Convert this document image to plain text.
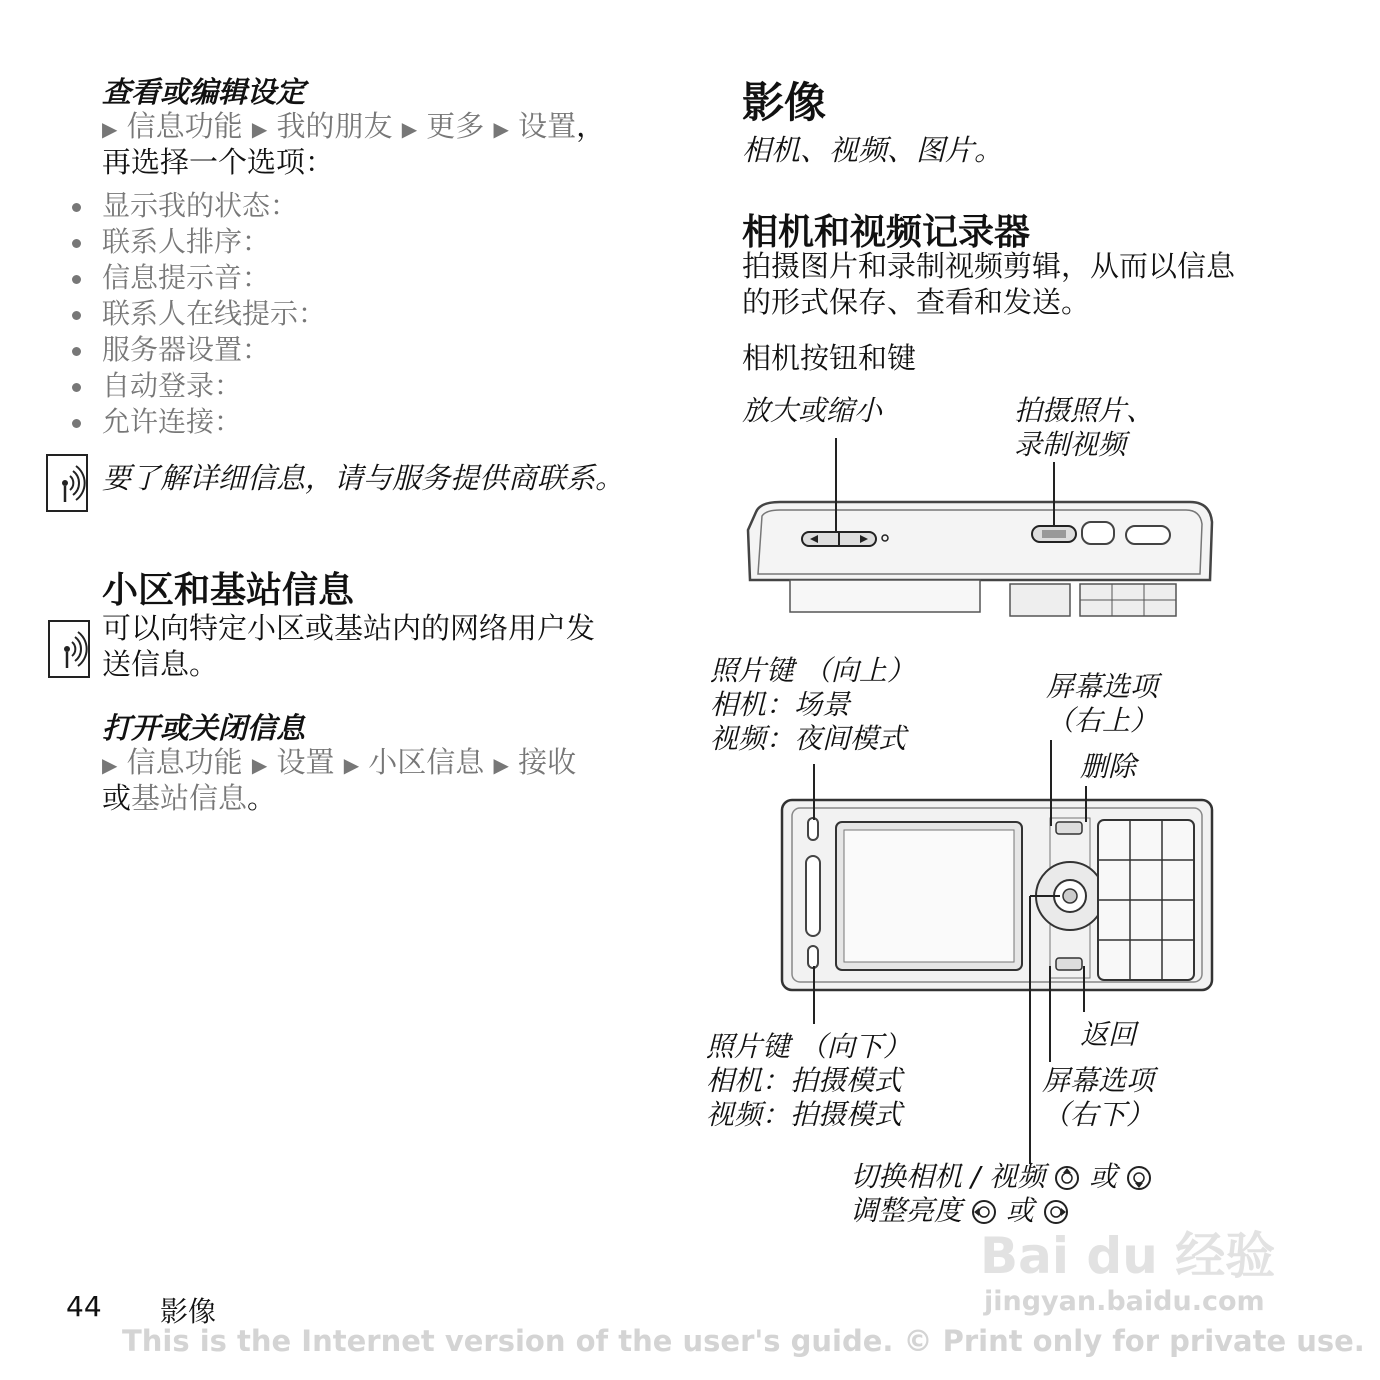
查看或编辑设定
▶ 信息功能 ▶ 我的朋友 ▶ 更多 ▶ 设置，
再选择一个选项：
显示我的状态：
联系人排序：
信息提示音：
联系人在线提示：
服务器设置：
自动登录：
允许连接：
要了解详细信息，请与服务提供商联系。
小区和基站信息
可以向特定小区或基站内的网络用户发
送信息。
打开或关闭信息
▶ 信息功能 ▶ 设置 ▶ 小区信息 ▶ 接收
或基站信息。
影像
相机、视频、图片。
相机和视频记录器
拍摄图片和录制视频剪辑，从而以信息
的形式保存、查看和发送。
相机按钮和键
放大或缩小	拍摄照片、
录制视频
照片键 （向上）
相机：场景
视频：夜间模式
屏幕选项
（右上）
删除
照片键 （向下）
相机：拍摄模式
视频：拍摄模式
返回
屏幕选项
（右下）
切换相机 / 视频 或
调整亮度 或
Bai du 经验
jingyan.baidu.com
44 影像
This is the Internet version of the user's guide. © Print only for private use.
